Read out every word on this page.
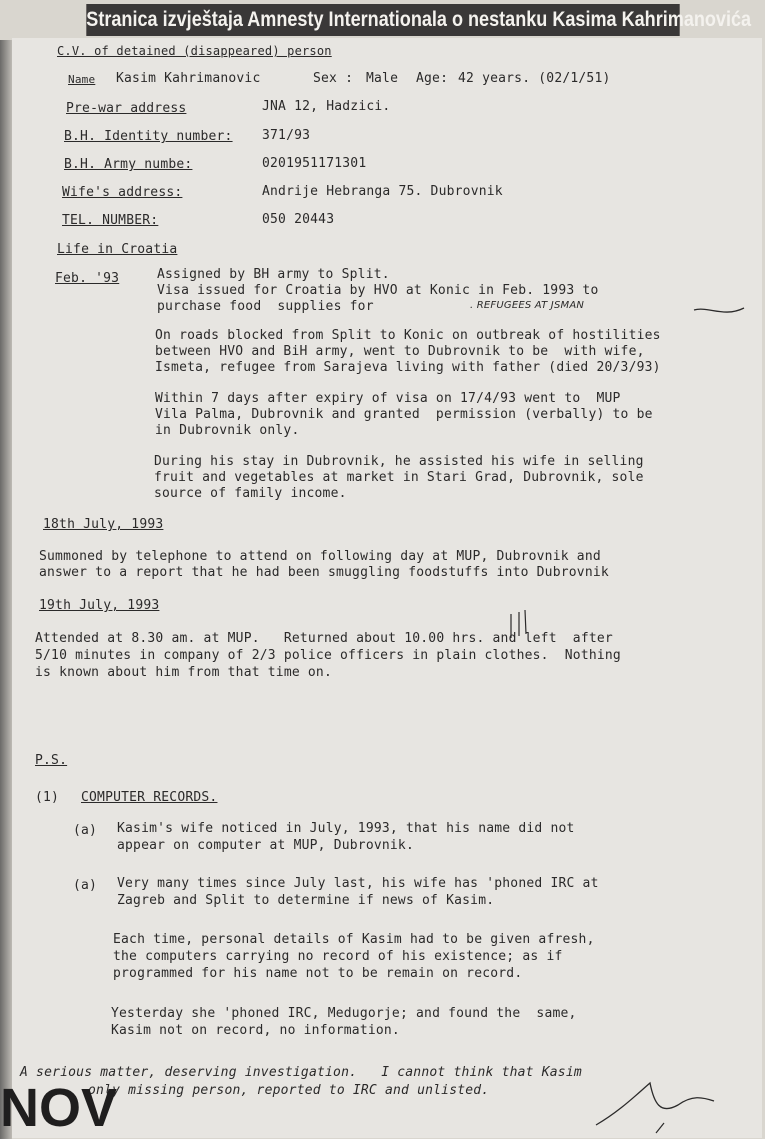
Stranica izvještaja Amnesty Internationala o nestanku Kasima Kahrimanovića
C.V. of detained (disappeared) person
Name Kasim Kahrimanovic	Sex : Male Age: 42 years. (02/1/51)
Pre-war address	JNA 12, Hadzici.
B.H. Identity number: 371/93
B.H. Army numbe:	0201951171301
Wife's address:	Andrije Hebranga 75. Dubrovnik
TEL. NUMBER:	050 20443
Life in Croatia
Feb. '93	Assigned by BH army to Split.
Visa issued for Croatia by HVO at Konic in Feb. 1993 to
purchase food  supplies for	. REFUGEES AT JSMAN
On roads blocked from Split to Konic on outbreak of hostilities
between HVO and BiH army, went to Dubrovnik to be  with wife,
Ismeta, refugee from Sarajeva living with father (died 20/3/93)
Within 7 days after expiry of visa on 17/4/93 went to  MUP
Vila Palma, Dubrovnik and granted  permission (verbally) to be
in Dubrovnik only.
During his stay in Dubrovnik, he assisted his wife in selling
fruit and vegetables at market in Stari Grad, Dubrovnik, sole
source of family income.
18th July, 1993
Summoned by telephone to attend on following day at MUP, Dubrovnik and
answer to a report that he had been smuggling foodstuffs into Dubrovnik
19th July, 1993
Attended at 8.30 am. at MUP.   Returned about 10.00 hrs. and left  after
5/10 minutes in company of 2/3 police officers in plain clothes.  Nothing
is known about him from that time on.
P.S.
(1) COMPUTER RECORDS.
(a) Kasim's wife noticed in July, 1993, that his name did not
appear on computer at MUP, Dubrovnik.
(a) Very many times since July last, his wife has 'phoned IRC at
Zagreb and Split to determine if news of Kasim.
Each time, personal details of Kasim had to be given afresh,
the computers carrying no record of his existence; as if
programmed for his name not to be remain on record.
Yesterday she 'phoned IRC, Medugorje; and found the  same,
Kasim not on record, no information.
A serious matter, deserving investigation.   I cannot think that Kasim
only missing person, reported to IRC and unlisted.
NOV
